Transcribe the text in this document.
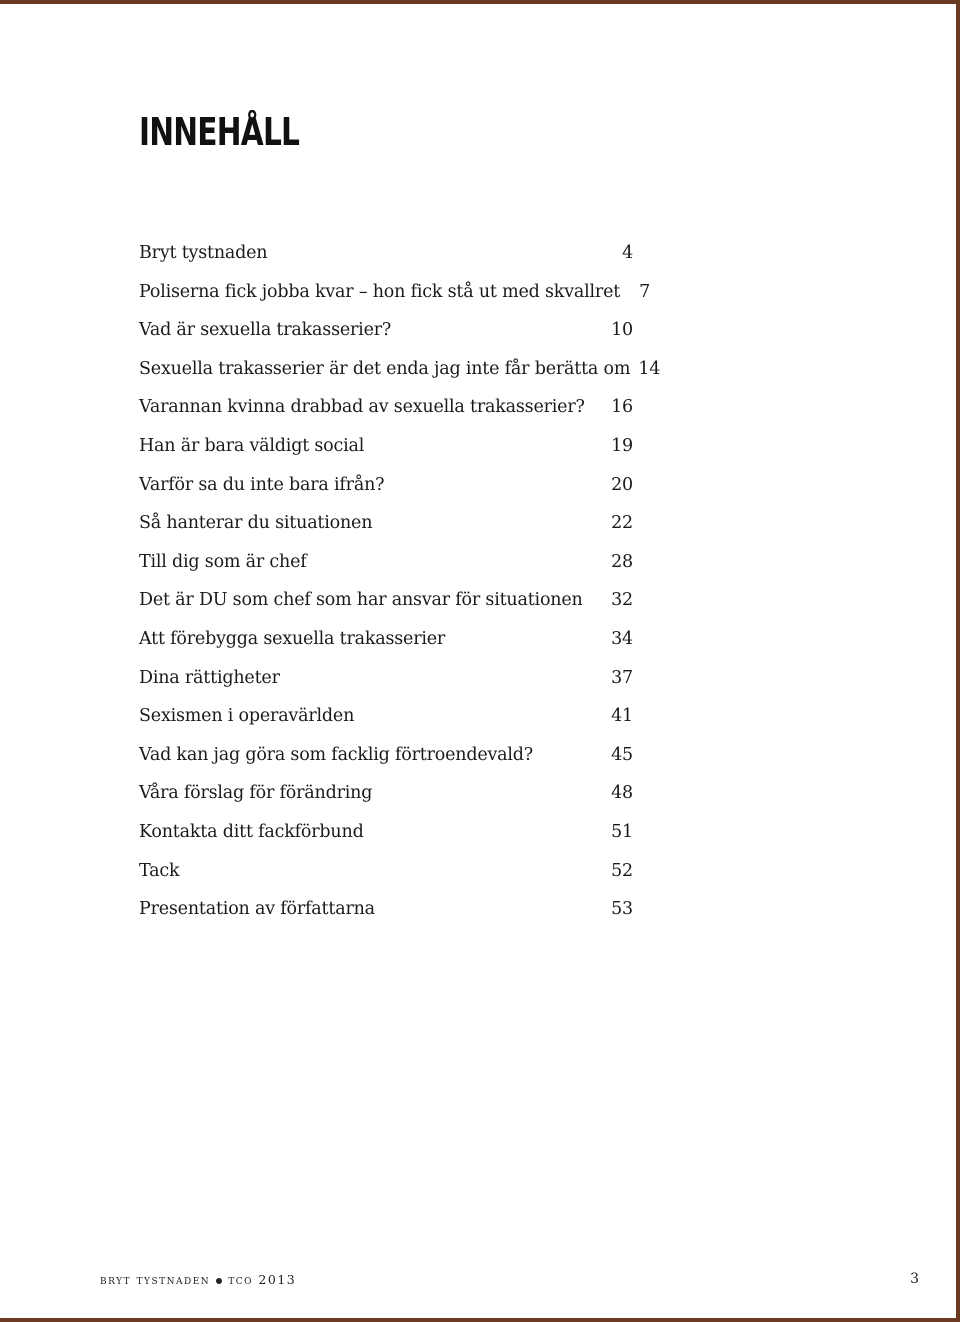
INNEHÅLL
Bryt tystnaden	4
Poliserna fick jobba kvar – hon fick stå ut med skvallret	7
Vad är sexuella trakasserier?	10
Sexuella trakasserier är det enda jag inte får berätta om 14
Varannan kvinna drabbad av sexuella trakasserier?	16
Han är bara väldigt social	19
Varför sa du inte bara ifrån?	20
Så hanterar du situationen	22
Till dig som är chef	28
Det är DU som chef som har ansvar för situationen	32
Att förebygga sexuella trakasserier	34
Dina rättigheter	37
Sexismen i operavärlden	41
Vad kan jag göra som facklig förtroendevald?	45
Våra förslag för förändring	48
Kontakta ditt fackförbund	51
Tack	52
Presentation av författarna	53

bryt tystnaden tco 2013	3
